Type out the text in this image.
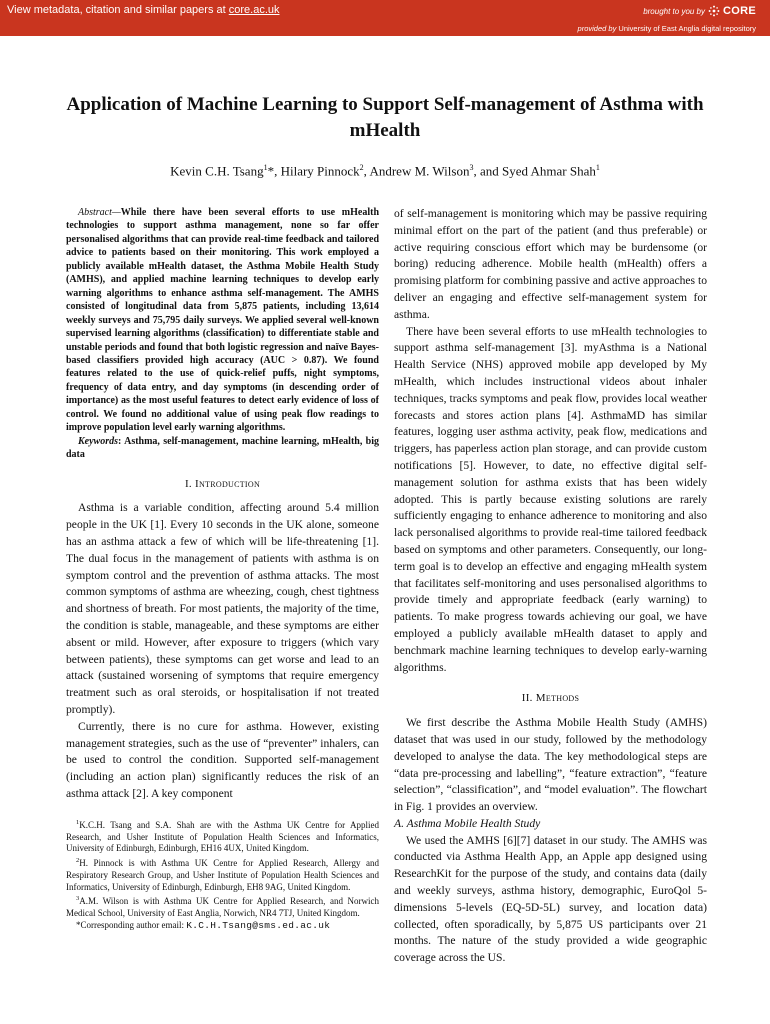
View metadata, citation and similar papers at core.ac.uk	brought to you by CORE
provided by University of East Anglia digital repository
Application of Machine Learning to Support Self-management of Asthma with mHealth
Kevin C.H. Tsang$^1$*, Hilary Pinnock$^2$, Andrew M. Wilson$^3$, and Syed Ahmar Shah$^1$

Abstract—While there have been several efforts to use mHealth technologies to support asthma management, none so far offer personalised algorithms that can provide real-time feedback and tailored advice to patients based on their monitoring. This work employed a publicly available mHealth dataset, the Asthma Mobile Health Study (AMHS), and applied machine learning techniques to develop early warning algorithms to enhance asthma self-management. The AMHS consisted of longitudinal data from 5,875 patients, including 13,614 weekly surveys and 75,795 daily surveys. We applied several well-known supervised learning algorithms (classification) to differentiate stable and unstable periods and found that both logistic regression and naïve Bayes-based classifiers provided high accuracy (AUC > 0.87). We found features related to the use of quick-relief puffs, night symptoms, frequency of data entry, and day symptoms (in descending order of importance) as the most useful features to detect early evidence of loss of control. We found no additional value of using peak flow readings to improve population level early warning algorithms.

Keywords: Asthma, self-management, machine learning, mHealth, big data

I. Introduction

Asthma is a variable condition, affecting around 5.4 million people in the UK [1]. Every 10 seconds in the UK alone, someone has an asthma attack a few of which will be life-threatening [1]. The dual focus in the management of patients with asthma is on symptom control and the prevention of asthma attacks. The most common symptoms of asthma are wheezing, cough, chest tightness and shortness of breath. For most patients, the majority of the time, the condition is stable, manageable, and these symptoms are either absent or mild. However, after exposure to triggers (which vary between patients), these symptoms can get worse and lead to an attack (sustained worsening of symptoms that require emergency treatment such as oral steroids, or hospitalisation if not treated promptly).

Currently, there is no cure for asthma. However, existing management strategies, such as the use of “preventer” inhalers, can be used to control the condition. Supported self-management (including an action plan) significantly reduces the risk of an asthma attack [2]. A key component

$^1$K.C.H. Tsang and S.A. Shah are with the Asthma UK Centre for Applied Research, and Usher Institute of Population Health Sciences and Informatics, University of Edinburgh, Edinburgh, EH16 4UX, United Kingdom.

$^2$H. Pinnock is with Asthma UK Centre for Applied Research, Allergy and Respiratory Research Group, and Usher Institute of Population Health Sciences and Informatics, University of Edinburgh, Edinburgh, EH8 9AG, United Kingdom.

$^3$A.M. Wilson is with Asthma UK Centre for Applied Research, and Norwich Medical School, University of East Anglia, Norwich, NR4 7TJ, United Kingdom.

*Corresponding author email: K.C.H.Tsang@sms.ed.ac.uk

of self-management is monitoring which may be passive requiring minimal effort on the part of the patient (and thus preferable) or active requiring conscious effort which may be burdensome (or boring) reducing adherence. Mobile health (mHealth) offers a promising platform for combining passive and active approaches to deliver an engaging and effective self-management system for asthma.

There have been several efforts to use mHealth technologies to support asthma self-management [3]. myAsthma is a National Health Service (NHS) approved mobile app developed by My mHealth, which includes instructional videos about inhaler techniques, tracks symptoms and peak flow, provides local weather forecasts and stores action plans [4]. AsthmaMD has similar features, logging user asthma activity, peak flow, medications and triggers, has paperless action plan storage, and can provide custom notifications [5]. However, to date, no effective digital self-management solution for asthma exists that has been widely adopted. This is partly because existing solutions are rarely sufficiently engaging to enhance adherence to monitoring and also lack personalised algorithms to provide real-time tailored feedback based on symptoms and other parameters. Consequently, our long-term goal is to develop an effective and engaging mHealth system that facilitates self-monitoring and uses personalised algorithms to provide timely and appropriate feedback (early warning) to patients. To make progress towards achieving our goal, we have employed a publicly available mHealth dataset to apply and benchmark machine learning techniques to develop early-warning algorithms.

II. Methods

We first describe the Asthma Mobile Health Study (AMHS) dataset that was used in our study, followed by the methodology developed to analyse the data. The key methodological steps are “data pre-processing and labelling”, “feature extraction”, “feature selection”, “classification”, and “model evaluation”. The flowchart in Fig. 1 provides an overview.

A. Asthma Mobile Health Study

We used the AMHS [6][7] dataset in our study. The AMHS was conducted via Asthma Health App, an Apple app designed using ResearchKit for the purpose of the study, and contains data (daily and weekly surveys, asthma history, demographic, EuroQol 5-dimensions 5-levels (EQ-5D-5L) survey, and location data) collected, often sporadically, by 5,875 US participants over 21 months. The nature of the study provided a wide geographic coverage across the US.
